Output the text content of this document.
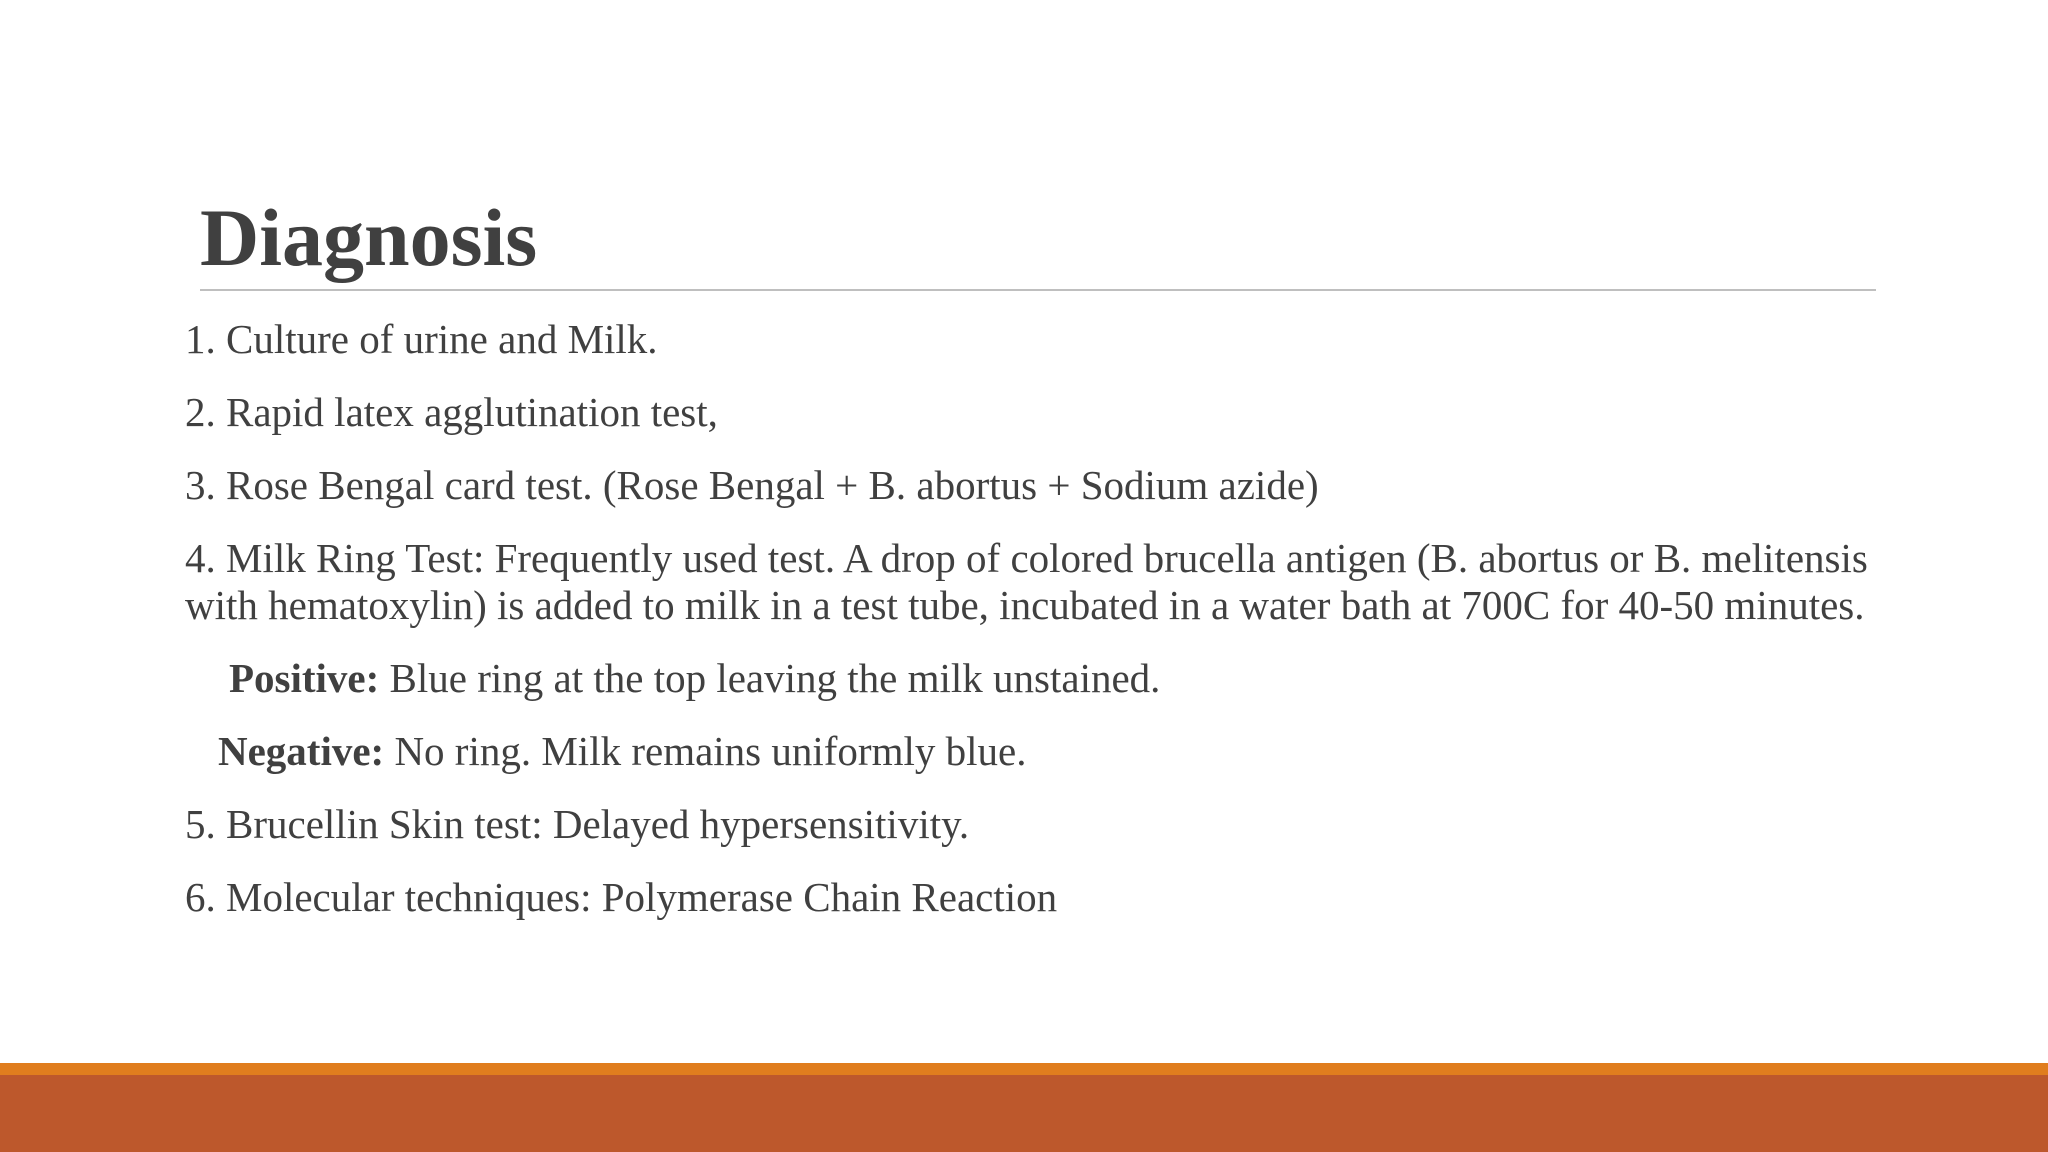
Diagnosis

1. Culture of urine and Milk.

2. Rapid latex agglutination test,

3. Rose Bengal card test. (Rose Bengal + B. abortus + Sodium azide)

4. Milk Ring Test: Frequently used test. A drop of colored brucella antigen (B. abortus or B. melitensis with hematoxylin) is added to milk in a test tube, incubated in a water bath at 700C for 40-50 minutes.

Positive: Blue ring at the top leaving the milk unstained.

Negative: No ring. Milk remains uniformly blue.

5. Brucellin Skin test: Delayed hypersensitivity.

6. Molecular techniques: Polymerase Chain Reaction
